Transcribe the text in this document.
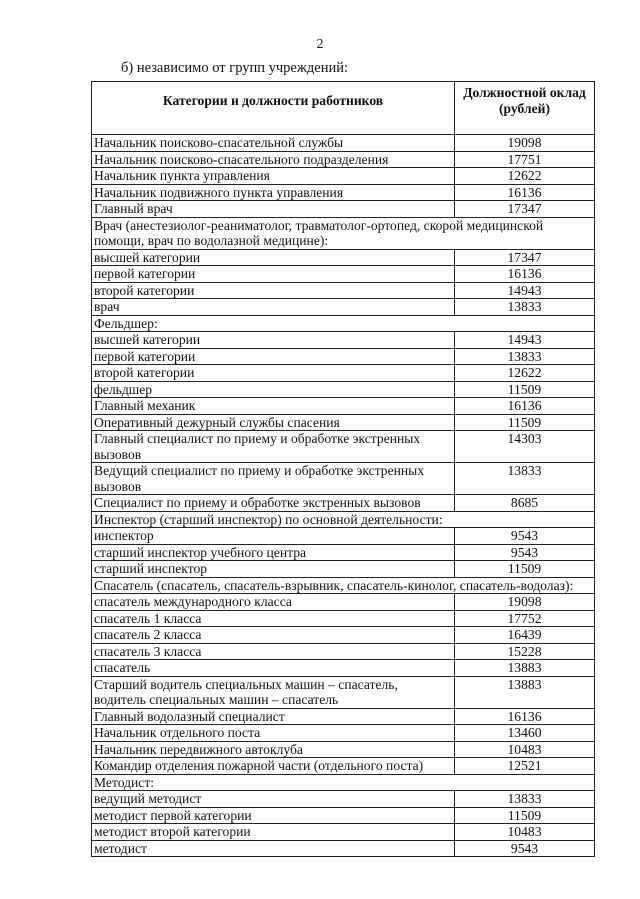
2
б) независимо от групп учреждений:
Категории и должности работников	Должностной оклад (рублей)
Начальник поисково-спасательной службы	19098
Начальник поисково-спасательного подразделения	17751
Начальник пункта управления	12622
Начальник подвижного пункта управления	16136
Главный врач	17347
Врач (анестезиолог-реаниматолог, травматолог-ортопед, скорой медицинской помощи, врач по водолазной медицине):	
высшей категории	17347
первой категории	16136
второй категории	14943
врач	13833
Фельдшер:	
высшей категории	14943
первой категории	13833
второй категории	12622
фельдшер	11509
Главный механик	16136
Оперативный дежурный службы спасения	11509
Главный специалист по приему и обработке экстренных вызовов	14303
Ведущий специалист по приему и обработке экстренных вызовов	13833
Специалист по приему и обработке экстренных вызовов	8685
Инспектор (старший инспектор) по основной деятельности:	
инспектор	9543
старший инспектор учебного центра	9543
старший инспектор	11509
Спасатель (спасатель, спасатель-взрывник, спасатель-кинолог, спасатель-водолаз):	
спасатель международного класса	19098
спасатель 1 класса	17752
спасатель 2 класса	16439
спасатель 3 класса	15228
спасатель	13883
Старший водитель специальных машин – спасатель, водитель специальных машин – спасатель	13883
Главный водолазный специалист	16136
Начальник отдельного поста	13460
Начальник передвижного автоклуба	10483
Командир отделения пожарной части (отдельного поста)	12521
Методист:	
ведущий методист	13833
методист первой категории	11509
методист второй категории	10483
методист	9543
